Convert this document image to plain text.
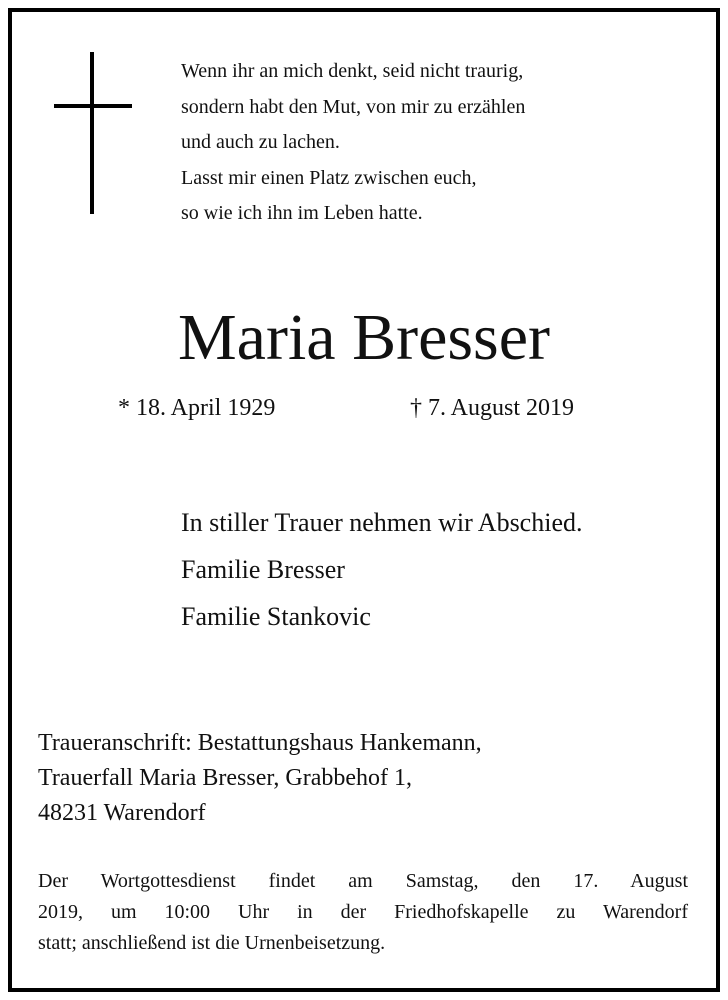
Wenn ihr an mich denkt, seid nicht traurig,
sondern habt den Mut, von mir zu erzählen
und auch zu lachen.
Lasst mir einen Platz zwischen euch,
so wie ich ihn im Leben hatte.
Maria Bresser
* 18. April 1929	† 7. August 2019
In stiller Trauer nehmen wir Abschied.
Familie Bresser
Familie Stankovic
Traueranschrift: Bestattungshaus Hankemann,
Trauerfall Maria Bresser, Grabbehof 1,
48231 Warendorf
Der Wortgottesdienst findet am Samstag, den 17. August
2019, um 10:00 Uhr in der Friedhofskapelle zu Warendorf
statt; anschließend ist die Urnenbeisetzung.
